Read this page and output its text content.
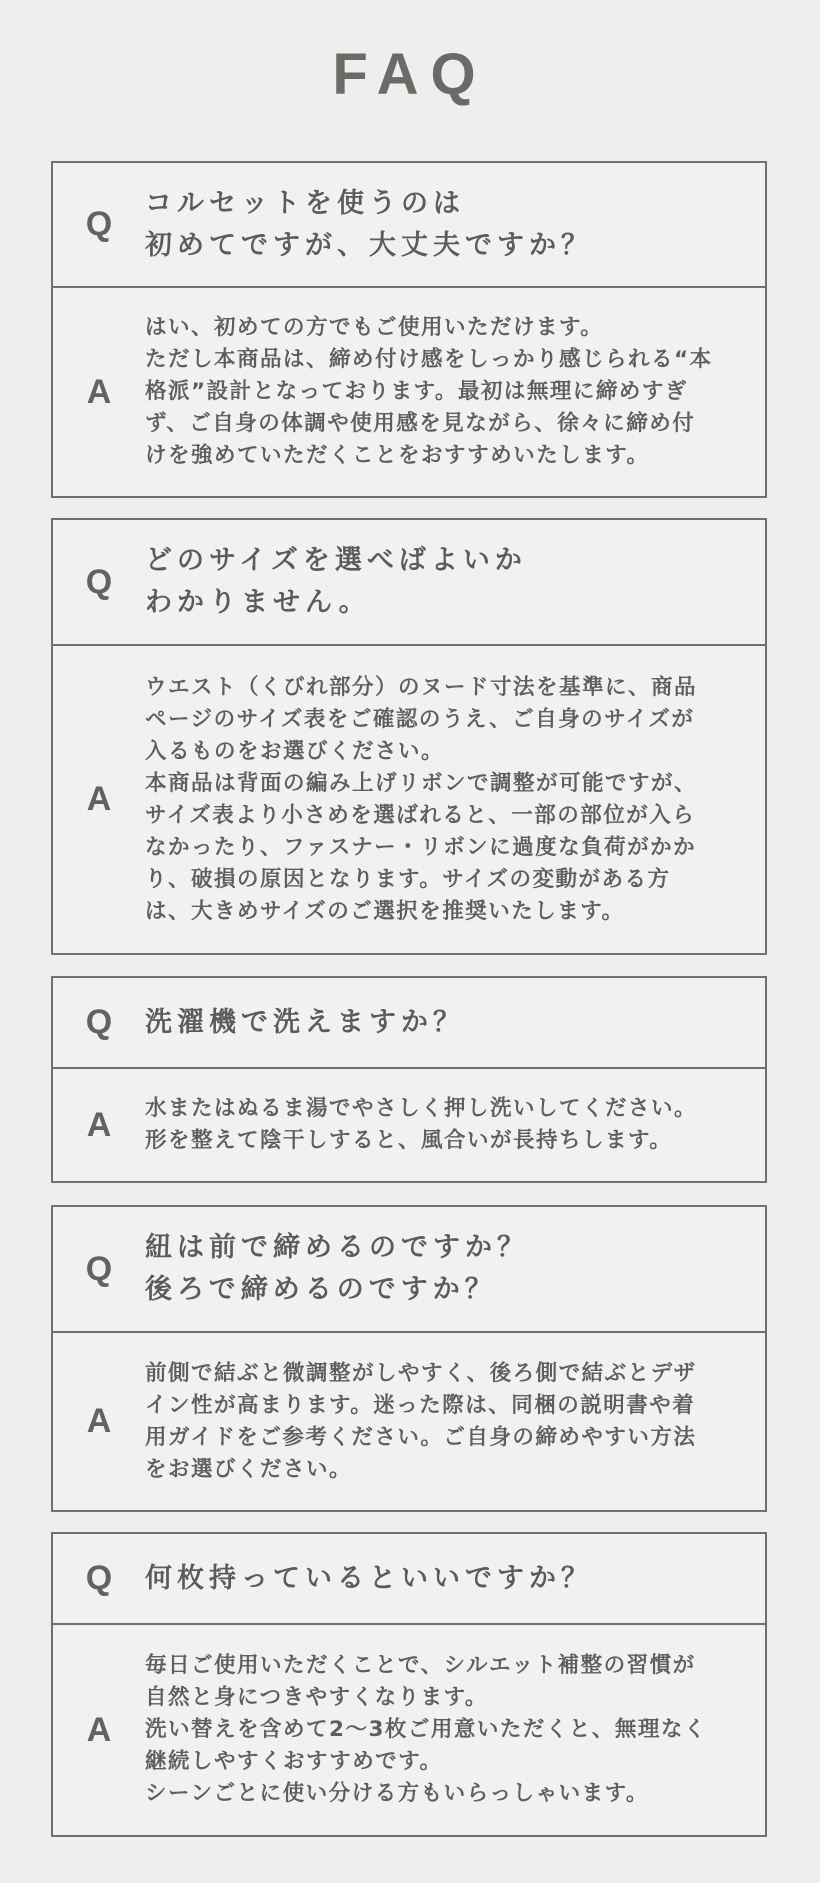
FAQ
Q
コルセットを使うのは
初めてですが、大丈夫ですか？
A
はい、初めての方でもご使用いただけます。
ただし本商品は、締め付け感をしっかり感じられる“本
格派”設計となっております。最初は無理に締めすぎ
ず、ご自身の体調や使用感を見ながら、徐々に締め付
けを強めていただくことをおすすめいたします。
Q
どのサイズを選べばよいか
わかりません。
A
ウエスト（くびれ部分）のヌード寸法を基準に、商品
ページのサイズ表をご確認のうえ、ご自身のサイズが
入るものをお選びください。
本商品は背面の編み上げリボンで調整が可能ですが、
サイズ表より小さめを選ばれると、一部の部位が入ら
なかったり、ファスナー・リボンに過度な負荷がかか
り、破損の原因となります。サイズの変動がある方
は、大きめサイズのご選択を推奨いたします。
Q	洗濯機で洗えますか？
A	水またはぬるま湯でやさしく押し洗いしてください。
形を整えて陰干しすると、風合いが長持ちします。
Q
紐は前で締めるのですか？
後ろで締めるのですか？
A
前側で結ぶと微調整がしやすく、後ろ側で結ぶとデザ
イン性が高まります。迷った際は、同梱の説明書や着
用ガイドをご参考ください。ご自身の締めやすい方法
をお選びください。
Q	何枚持っているといいですか？
A
毎日ご使用いただくことで、シルエット補整の習慣が
自然と身につきやすくなります。
洗い替えを含めて2〜3枚ご用意いただくと、無理なく
継続しやすくおすすめです。
シーンごとに使い分ける方もいらっしゃいます。
